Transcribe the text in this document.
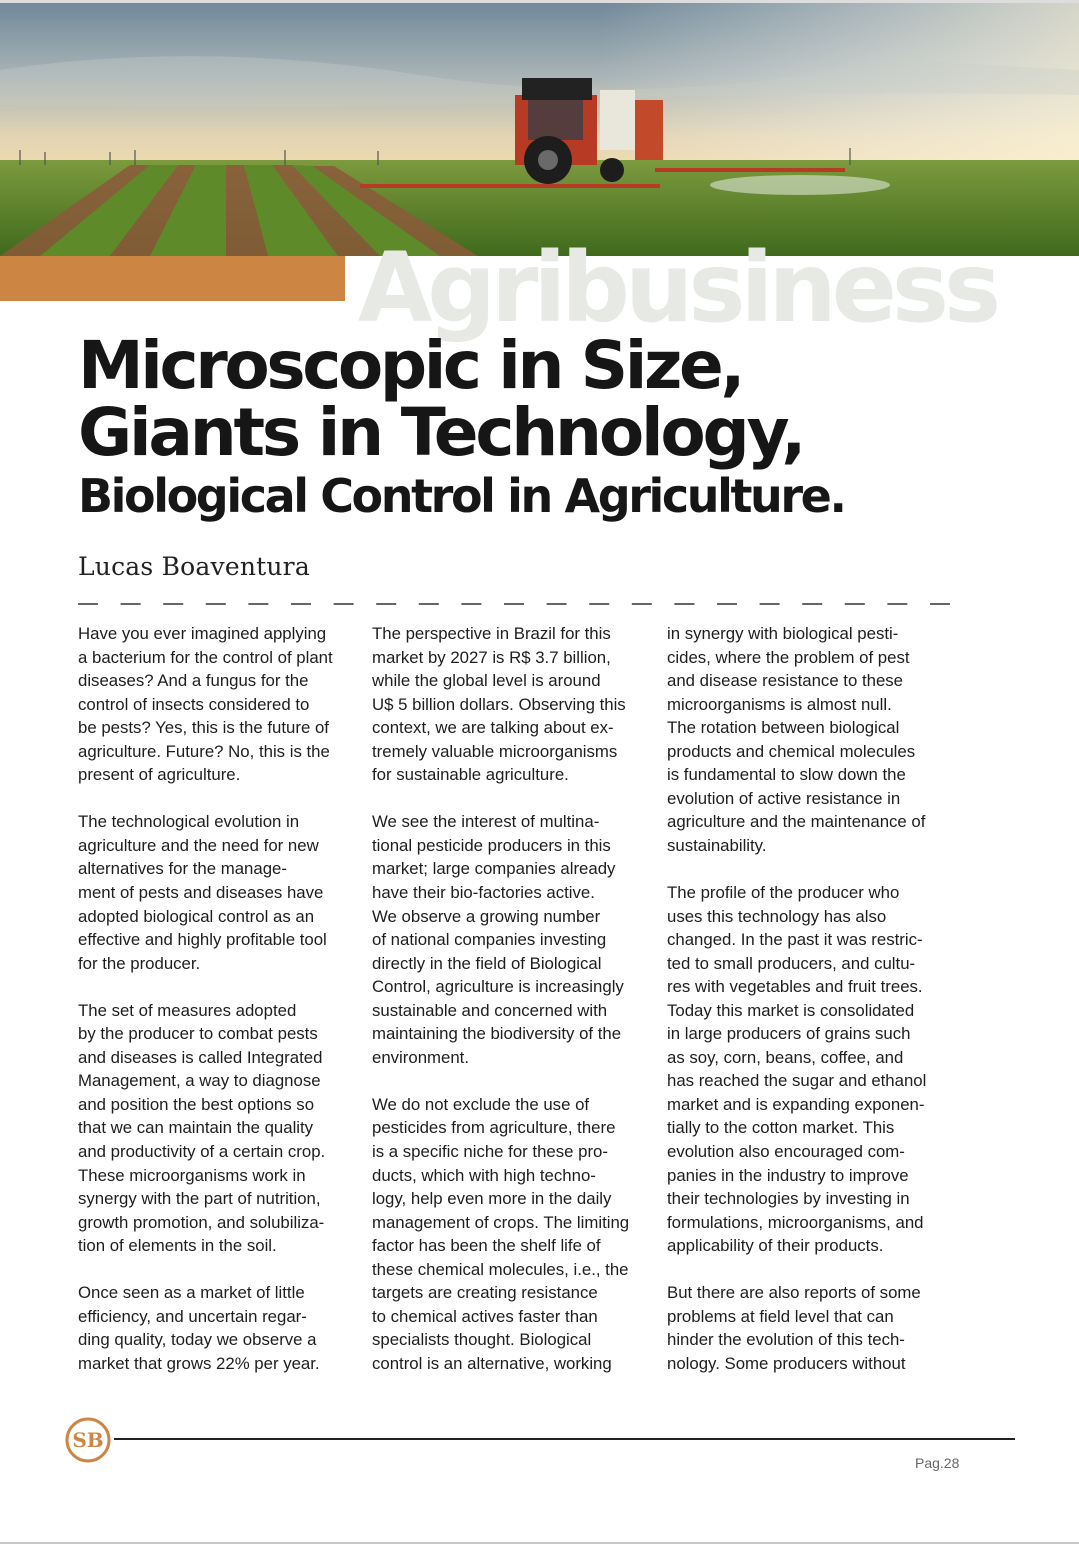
Agribusiness
Microscopic in Size,
Giants in Technology,
Biological Control in Agriculture.
Lucas Boaventura

Have you ever imagined applying
a bacterium for the control of plant
diseases? And a fungus for the
control of insects considered to
be pests? Yes, this is the future of
agriculture. Future? No, this is the
present of agriculture.

The technological evolution in
agriculture and the need for new
alternatives for the manage-
ment of pests and diseases have
adopted biological control as an
effective and highly profitable tool
for the producer.

The set of measures adopted
by the producer to combat pests
and diseases is called Integrated
Management, a way to diagnose
and position the best options so
that we can maintain the quality
and productivity of a certain crop.
These microorganisms work in
synergy with the part of nutrition,
growth promotion, and solubiliza-
tion of elements in the soil.

Once seen as a market of little
efficiency, and uncertain regar-
ding quality, today we observe a
market that grows 22% per year.

The perspective in Brazil for this
market by 2027 is R$ 3.7 billion,
while the global level is around
U$ 5 billion dollars. Observing this
context, we are talking about ex-
tremely valuable microorganisms
for sustainable agriculture.

We see the interest of multina-
tional pesticide producers in this
market; large companies already
have their bio-factories active.
We observe a growing number
of national companies investing
directly in the field of Biological
Control, agriculture is increasingly
sustainable and concerned with
maintaining the biodiversity of the
environment.

We do not exclude the use of
pesticides from agriculture, there
is a specific niche for these pro-
ducts, which with high techno-
logy, help even more in the daily
management of crops. The limiting
factor has been the shelf life of
these chemical molecules, i.e., the
targets are creating resistance
to chemical actives faster than
specialists thought. Biological
control is an alternative, working

in synergy with biological pesti-
cides, where the problem of pest
and disease resistance to these
microorganisms is almost null.
The rotation between biological
products and chemical molecules
is fundamental to slow down the
evolution of active resistance in
agriculture and the maintenance of
sustainability.

The profile of the producer who
uses this technology has also
changed. In the past it was restric-
ted to small producers, and cultu-
res with vegetables and fruit trees.
Today this market is consolidated
in large producers of grains such
as soy, corn, beans, coffee, and
has reached the sugar and ethanol
market and is expanding exponen-
tially to the cotton market. This
evolution also encouraged com-
panies in the industry to improve
their technologies by investing in
formulations, microorganisms, and
applicability of their products.

But there are also reports of some
problems at field level that can
hinder the evolution of this tech-
nology. Some producers without

SB
Pag.28
